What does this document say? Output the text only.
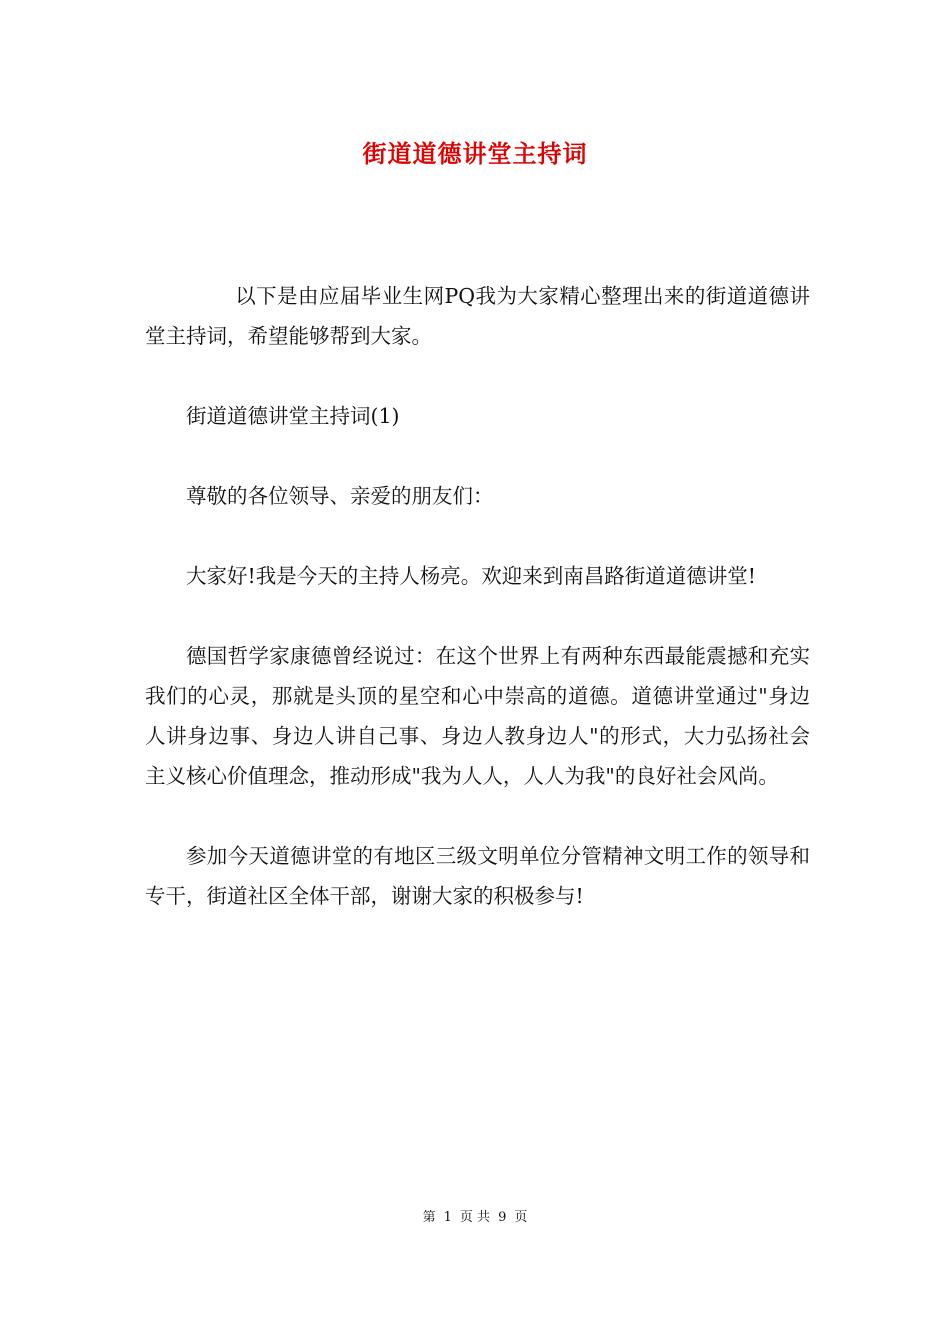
街道道德讲堂主持词

以下是由应届毕业生网PQ我为大家精心整理出来的街道道德讲堂主持词，希望能够帮到大家。

街道道德讲堂主持词(1)

尊敬的各位领导、亲爱的朋友们：

大家好!我是今天的主持人杨亮。欢迎来到南昌路街道道德讲堂!

德国哲学家康德曾经说过：在这个世界上有两种东西最能震撼和充实我们的心灵，那就是头顶的星空和心中崇高的道德。道德讲堂通过"身边人讲身边事、身边人讲自己事、身边人教身边人"的形式，大力弘扬社会主义核心价值理念，推动形成"我为人人，人人为我"的良好社会风尚。

参加今天道德讲堂的有地区三级文明单位分管精神文明工作的领导和专干，街道社区全体干部，谢谢大家的积极参与!

第 1 页 共 9 页
